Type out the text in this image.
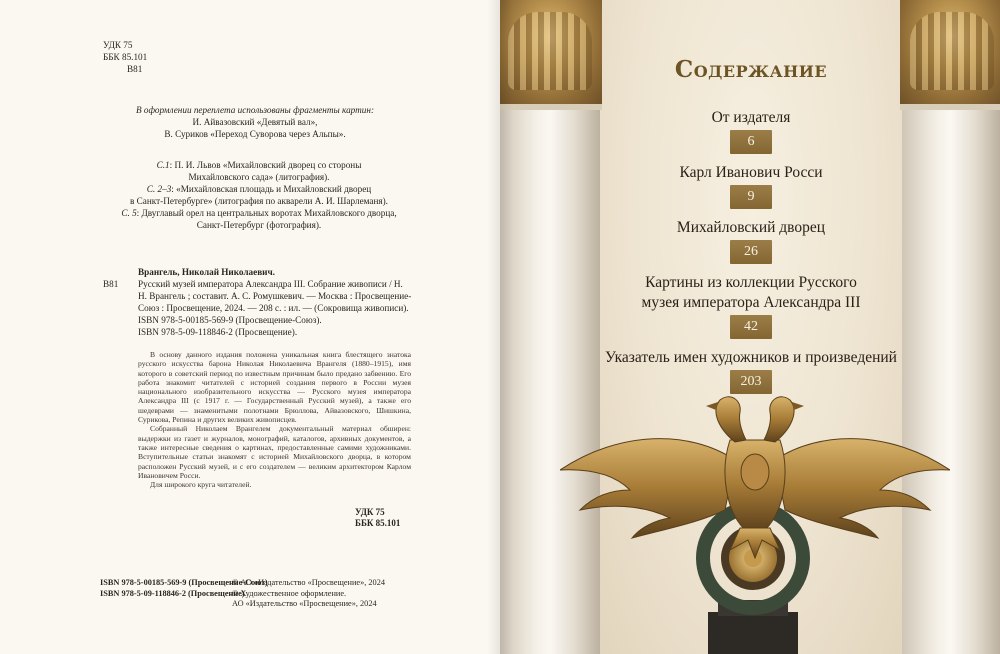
УДК 75
ББК 85.101
В81

В оформлении переплета использованы фрагменты картин:

И. Айвазовский «Девятый вал»,

В. Суриков «Переход Суворова через Альпы».

С.1: П. И. Львов «Михайловский дворец со стороны

Михайловского сада» (литография).

С. 2–3: «Михайловская площадь и Михайловский дворец

в Санкт-Петербурге» (литография по акварели А. И. Шарлеманя).

С. 5: Двуглавый орел на центральных воротах Михайловского дворца,

Санкт-Петербург (фотография).

В81
Врангель, Николай Николаевич.
Русский музей императора Александра III. Собрание живописи / Н. Н. Врангель ; составит. А. С. Ромушкевич. — Москва : Просвещение-Союз : Просвещение, 2024. — 208 с. : ил. — (Сокровища живописи).
ISBN 978-5-00185-569-9 (Просвещение-Союз).
ISBN 978-5-09-118846-2 (Просвещение).

В основу данного издания положена уникальная книга блестящего знатока русского искусства барона Николая Николаевича Врангеля (1880–1915), имя которого в советский период по известным причинам было предано забвению. Его работа знакомит читателей с историей создания первого в России музея национального изобразительного искусства — Русского музея императора Александра III (с 1917 г. — Государственный Русский музей), а также его шедеврами — знаменитыми полотнами Брюллова, Айвазовского, Шишкина, Сурикова, Репина и других великих живописцев.

Собранный Николаем Врангелем документальный материал обширен: выдержки из газет и журналов, монографий, каталогов, архивных документов, а также интересные сведения о картинах, предоставленные самими художниками. Вступительные статьи знакомят с историей Михайловского дворца, в котором расположен Русский музей, и с его создателем — великим архитектором Карлом Ивановичем Росси.

Для широкого круга читателей.

УДК 75
ББК 85.101
ISBN 978-5-00185-569-9 (Просвещение-Союз)
ISBN 978-5-09-118846-2 (Просвещение)
© АО «Издательство «Просвещение», 2024
© Художественное оформление.
АО «Издательство «Просвещение», 2024
Содержание
От издателя
6
Карл Иванович Росси
9
Михайловский дворец
26
Картины из коллекции Русского музея императора Александра III
42
Указатель имен художников и произведений
203
